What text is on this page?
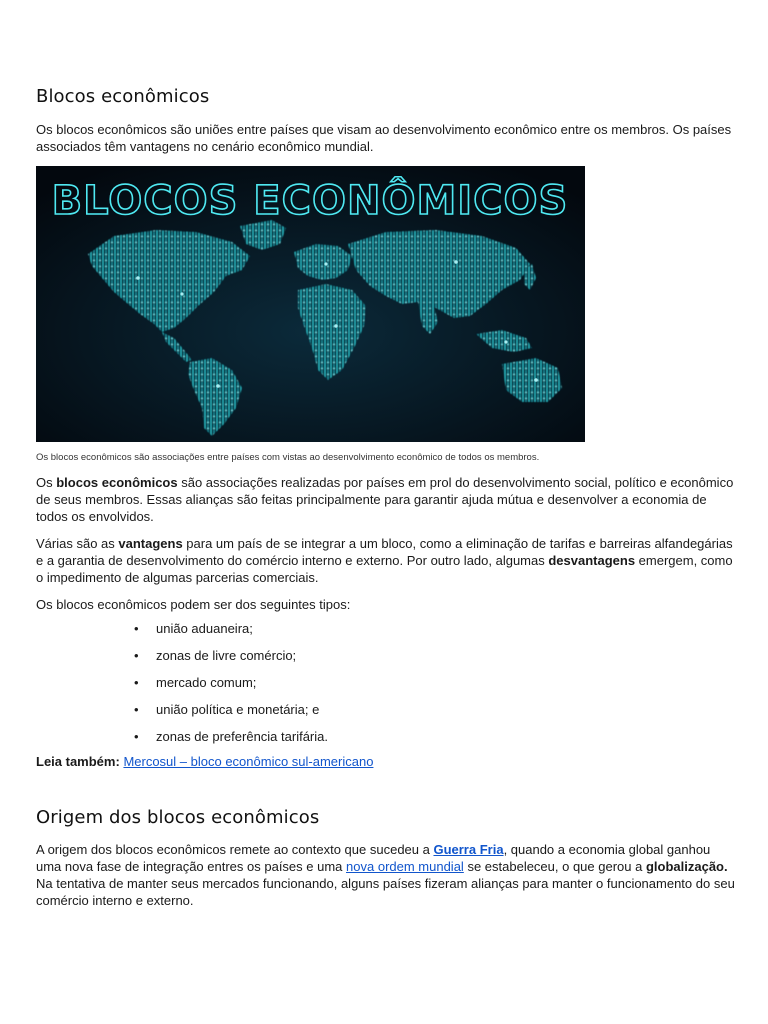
Blocos econômicos

Os blocos econômicos são uniões entre países que visam ao desenvolvimento econômico entre os membros. Os países associados têm vantagens no cenário econômico mundial.

BLOCOS ECONÔMICOS

Os blocos econômicos são associações entre países com vistas ao desenvolvimento econômico de todos os membros.

Os blocos econômicos são associações realizadas por países em prol do desenvolvimento social, político e econômico de seus membros. Essas alianças são feitas principalmente para garantir ajuda mútua e desenvolver a economia de todos os envolvidos.

Várias são as vantagens para um país de se integrar a um bloco, como a eliminação de tarifas e barreiras alfandegárias e a garantia de desenvolvimento do comércio interno e externo. Por outro lado, algumas desvantagens emergem, como o impedimento de algumas parcerias comerciais.

Os blocos econômicos podem ser dos seguintes tipos:

• união aduaneira;
• zonas de livre comércio;
• mercado comum;
• união política e monetária; e
• zonas de preferência tarifária.

Leia também: Mercosul – bloco econômico sul-americano

Origem dos blocos econômicos

A origem dos blocos econômicos remete ao contexto que sucedeu a Guerra Fria, quando a economia global ganhou uma nova fase de integração entres os países e uma nova ordem mundial se estabeleceu, o que gerou a globalização. Na tentativa de manter seus mercados funcionando, alguns países fizeram alianças para manter o funcionamento do seu comércio interno e externo.
